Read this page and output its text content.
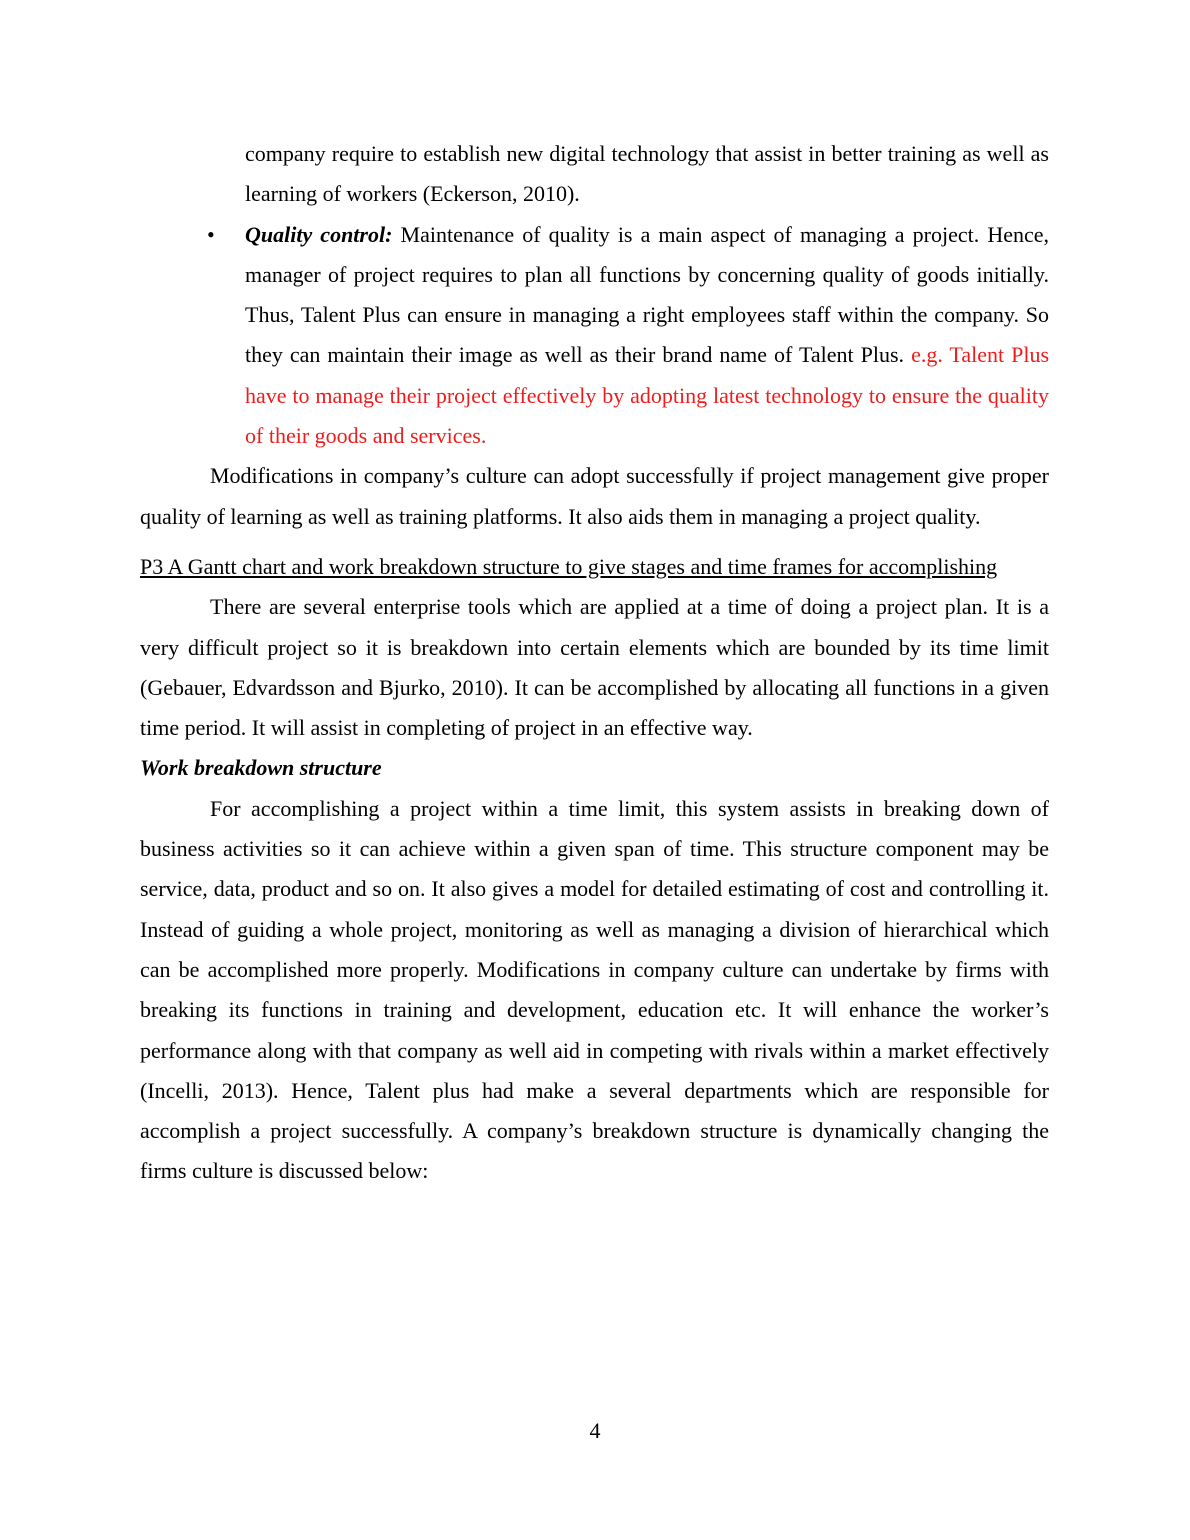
company require to establish new digital technology that assist in better training as well as learning of workers (Eckerson, 2010).

• Quality control: Maintenance of quality is a main aspect of managing a project. Hence, manager of project requires to plan all functions by concerning quality of goods initially. Thus, Talent Plus can ensure in managing a right employees staff within the company. So they can maintain their image as well as their brand name of Talent Plus. e.g. Talent Plus have to manage their project effectively by adopting latest technology to ensure the quality of their goods and services.

Modifications in company’s culture can adopt successfully if project management give proper quality of learning as well as training platforms. It also aids them in managing a project quality.

P3 A Gantt chart and work breakdown structure to give stages and time frames for accomplishing

There are several enterprise tools which are applied at a time of doing a project plan. It is a very difficult project so it is breakdown into certain elements which are bounded by its time limit (Gebauer, Edvardsson and Bjurko, 2010). It can be accomplished by allocating all functions in a given time period. It will assist in completing of project in an effective way.

Work breakdown structure

For accomplishing a project within a time limit, this system assists in breaking down of business activities so it can achieve within a given span of time. This structure component may be service, data, product and so on. It also gives a model for detailed estimating of cost and controlling it. Instead of guiding a whole project, monitoring as well as managing a division of hierarchical which can be accomplished more properly. Modifications in company culture can undertake by firms with breaking its functions in training and development, education etc. It will enhance the worker’s performance along with that company as well aid in competing with rivals within a market effectively (Incelli, 2013). Hence, Talent plus had make a several departments which are responsible for accomplish a project successfully. A company’s breakdown structure is dynamically changing the firms culture is discussed below:

4
